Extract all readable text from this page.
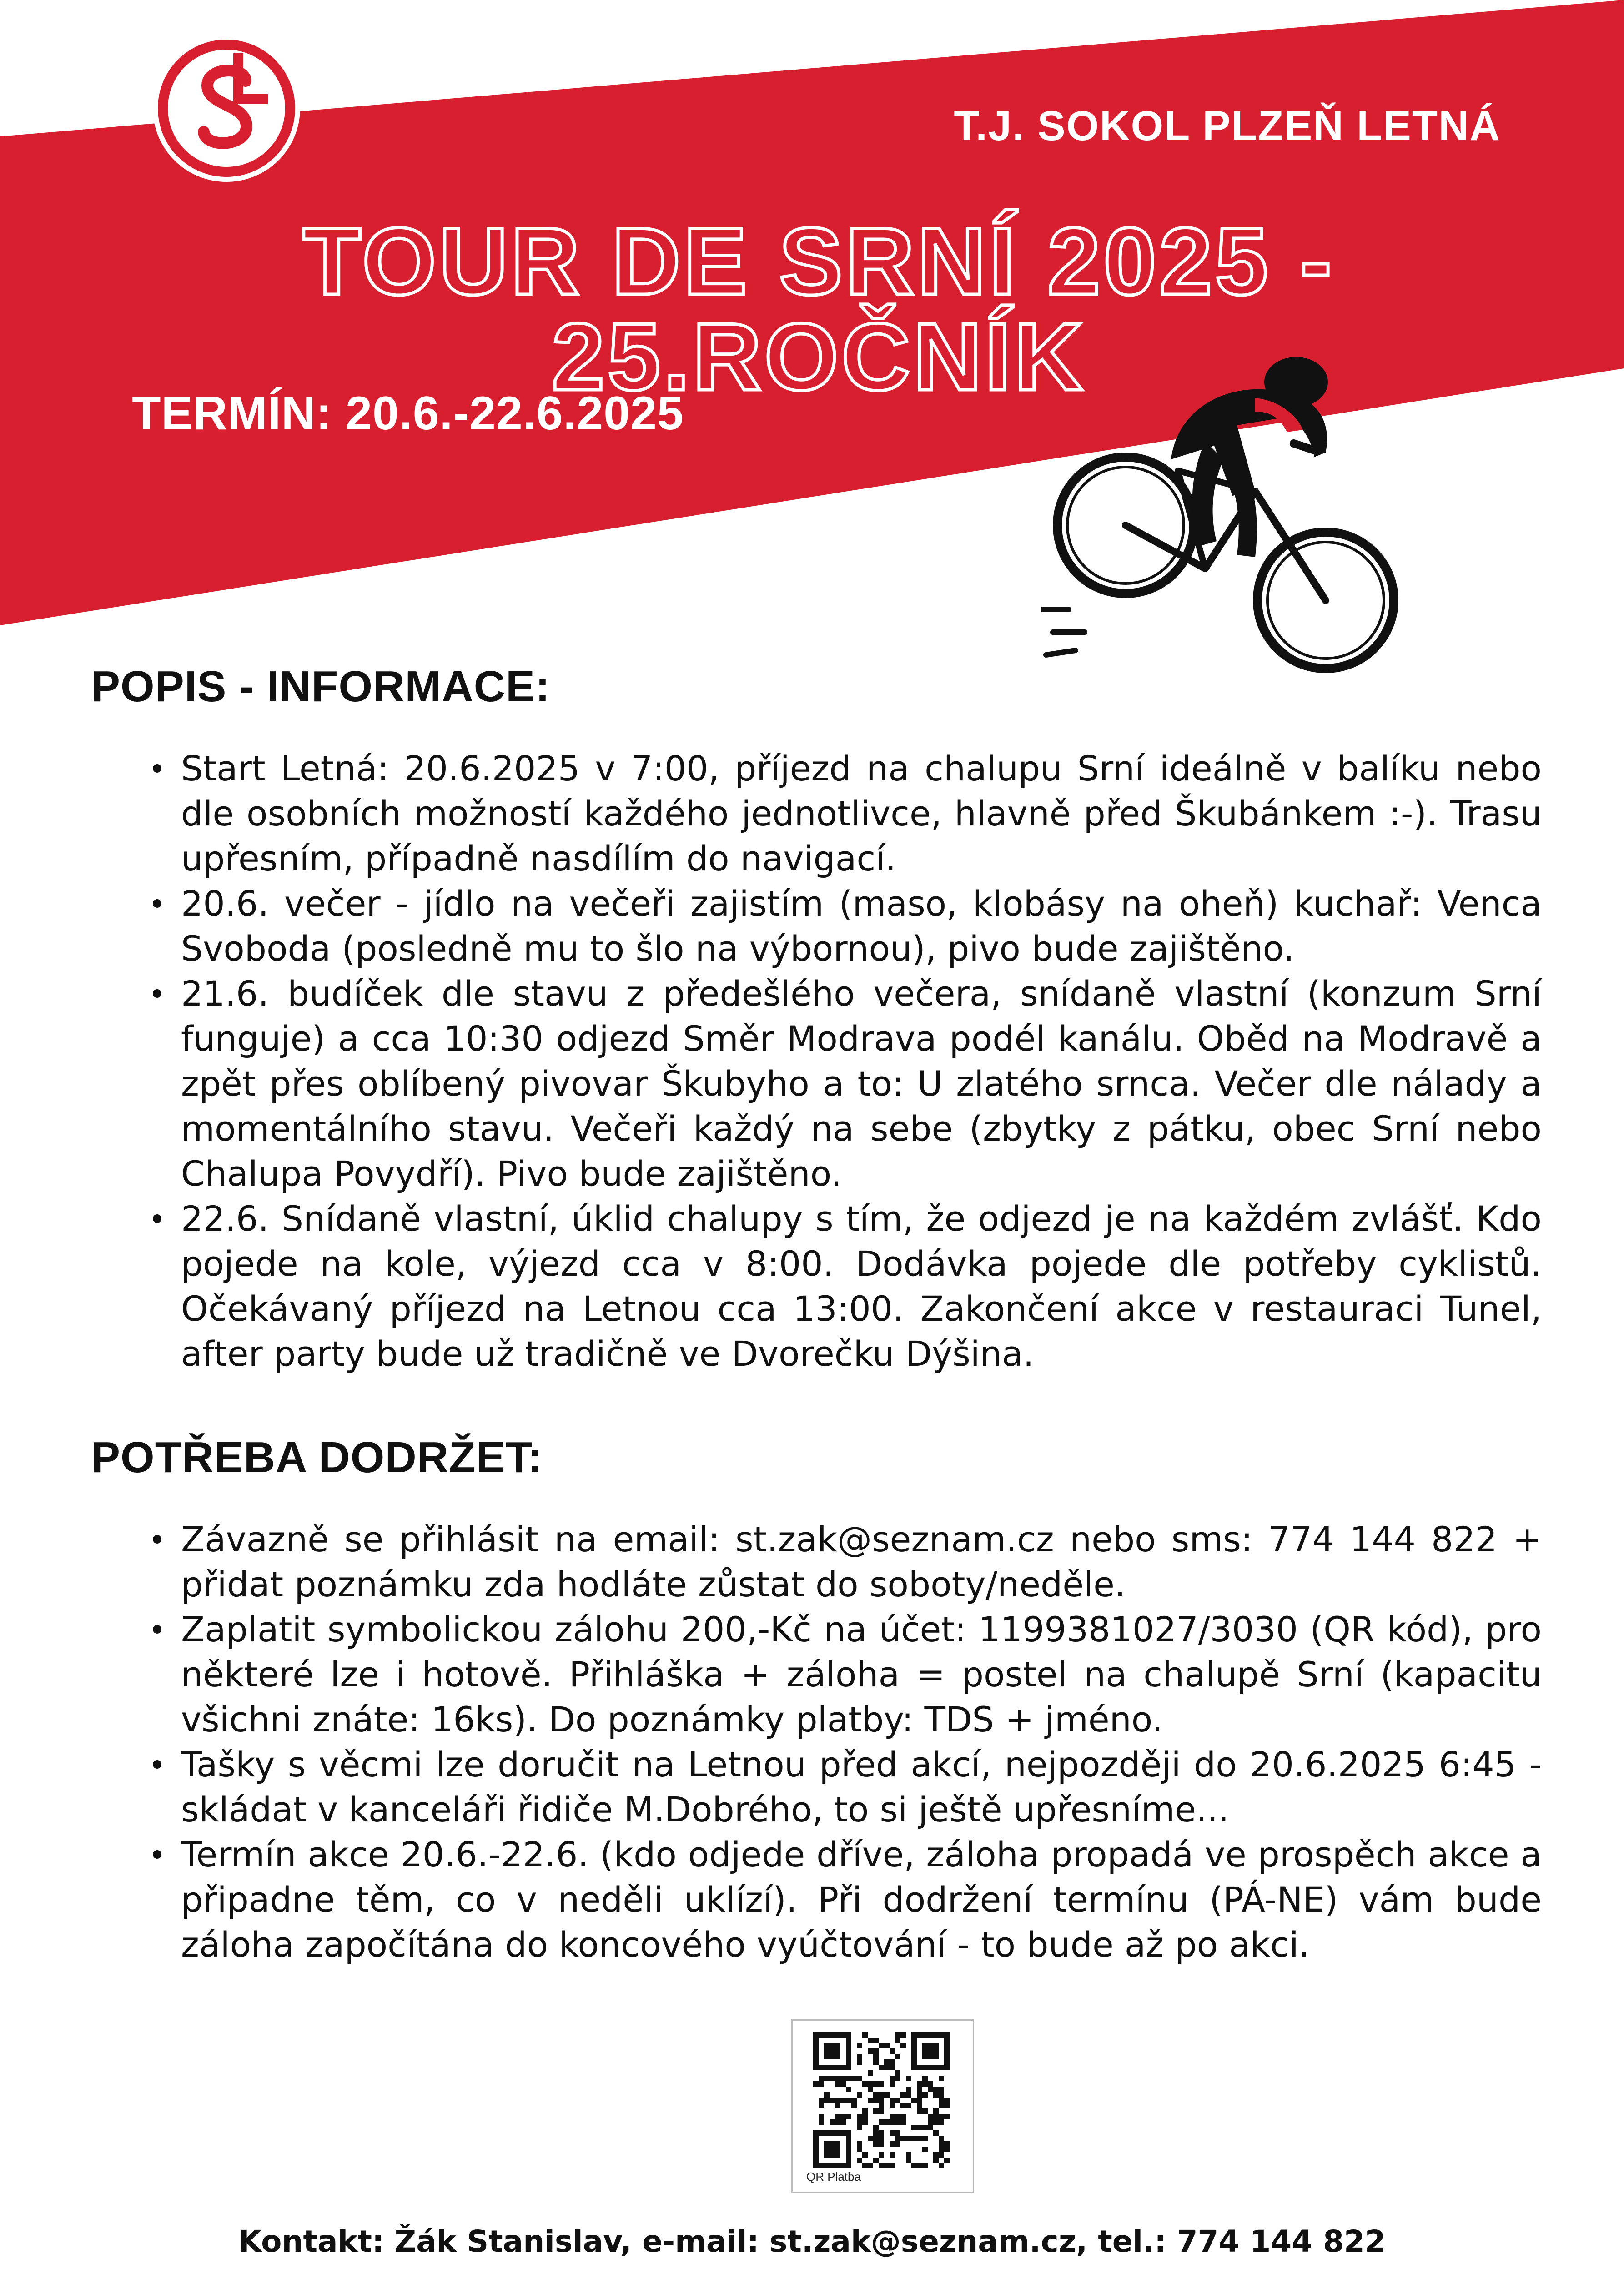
T.J. SOKOL PLZEŇ LETNÁ
TOUR DE SRNÍ 2025 - 25.ROČNÍK
TERMÍN: 20.6.-22.6.2025
POPIS - INFORMACE:
Start Letná: 20.6.2025 v 7:00, příjezd na chalupu Srní ideálně v balíku nebo dle osobních možností každého jednotlivce, hlavně před Škubánkem :-). Trasu upřesním, případně nasdílím do navigací.
20.6. večer - jídlo na večeři zajistím (maso, klobásy na oheň) kuchař: Venca Svoboda (posledně mu to šlo na výbornou), pivo bude zajištěno.
21.6. budíček dle stavu z předešlého večera, snídaně vlastní (konzum Srní funguje) a cca 10:30 odjezd Směr Modrava podél kanálu. Oběd na Modravě a zpět přes oblíbený pivovar Škubyho a to: U zlatého srnca. Večer dle nálady a momentálního stavu. Večeři každý na sebe (zbytky z pátku, obec Srní nebo Chalupa Povydří). Pivo bude zajištěno.
22.6. Snídaně vlastní, úklid chalupy s tím, že odjezd je na každém zvlášť. Kdo pojede na kole, výjezd cca v 8:00. Dodávka pojede dle potřeby cyklistů. Očekávaný příjezd na Letnou cca 13:00. Zakončení akce v restauraci Tunel, after party bude už tradičně ve Dvorečku Dýšina.
POTŘEBA DODRŽET:
Závazně se přihlásit na email: st.zak@seznam.cz nebo sms: 774 144 822 + přidat poznámku zda hodláte zůstat do soboty/neděle.
Zaplatit symbolickou zálohu 200,-Kč na účet: 1199381027/3030 (QR kód), pro některé lze i hotově. Přihláška + záloha = postel na chalupě Srní (kapacitu všichni znáte: 16ks). Do poznámky platby: TDS + jméno.
Tašky s věcmi lze doručit na Letnou před akcí, nejpozději do 20.6.2025 6:45 - skládat v kanceláři řidiče M.Dobrého, to si ještě upřesníme...
Termín akce 20.6.-22.6. (kdo odjede dříve, záloha propadá ve prospěch akce a připadne těm, co v neděli uklízí). Při dodržení termínu (PÁ-NE) vám bude záloha započítána do koncového vyúčtování - to bude až po akci.
QR Platba
Kontakt: Žák Stanislav, e-mail: st.zak@seznam.cz, tel.: 774 144 822
